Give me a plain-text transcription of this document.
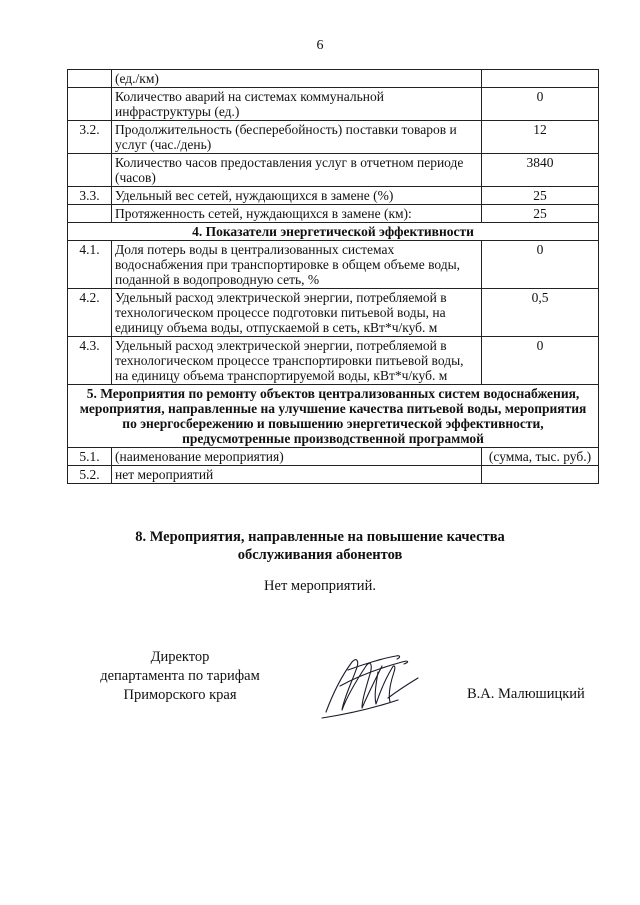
6
	(ед./км)	
	Количество аварий на системах коммунальной инфраструктуры (ед.)	0
3.2.	Продолжительность (бесперебойность) поставки товаров и услуг (час./день)	12
	Количество часов предоставления услуг в отчетном периоде (часов)	3840
3.3.	Удельный вес сетей, нуждающихся в замене (%)	25
	Протяженность сетей, нуждающихся в замене (км):	25
4. Показатели энергетической эффективности		
4.1.	Доля потерь воды в централизованных системах водоснабжения при транспортировке в общем объеме воды, поданной в водопроводную сеть, %	0
4.2.	Удельный расход электрической энергии, потребляемой в технологическом процессе подготовки питьевой воды, на единицу объема воды, отпускаемой в сеть, кВт*ч/куб. м	0,5
4.3.	Удельный расход электрической энергии, потребляемой в технологическом процессе транспортировки питьевой воды, на единицу объема транспортируемой воды, кВт*ч/куб. м	0
5. Мероприятия по ремонту объектов централизованных систем водоснабжения, мероприятия, направленные на улучшение качества питьевой воды, мероприятия по энергосбережению и повышению энергетической эффективности, предусмотренные производственной программой		
5.1.	(наименование мероприятия)	(сумма, тыс. руб.)
5.2.	нет мероприятий	
8. Мероприятия, направленные на повышение качества
обслуживания абонентов
Нет мероприятий.
Директор
департамента по тарифам
Приморского края	В.А. Малюшицкий
